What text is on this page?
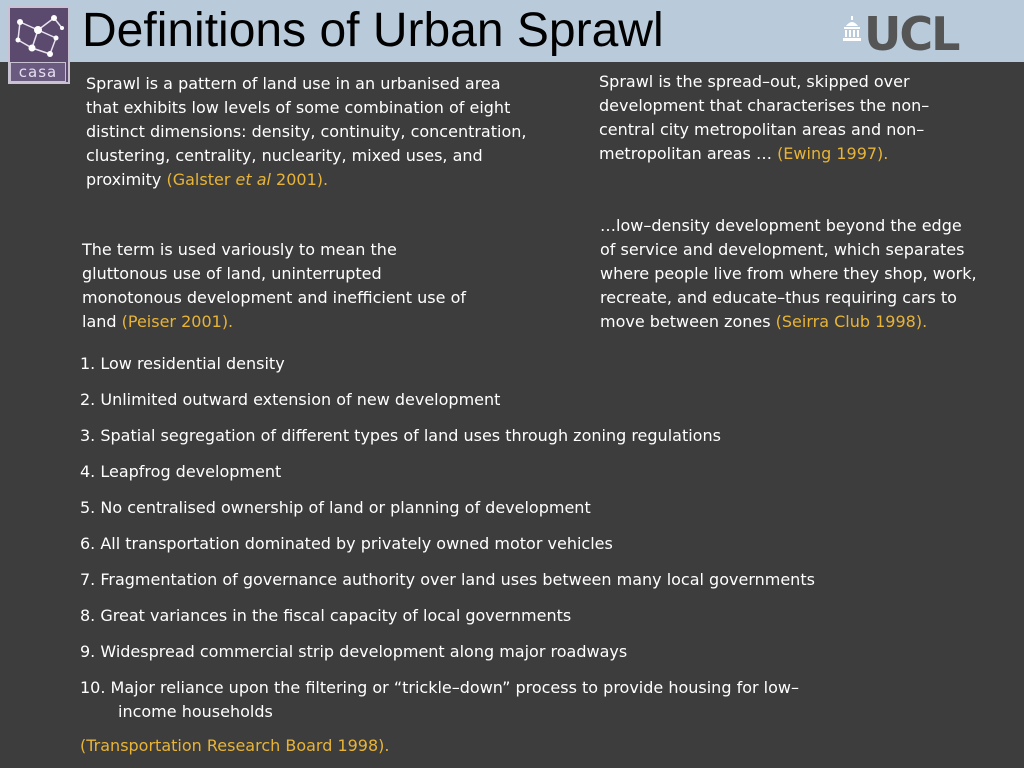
casa
Definitions of Urban Sprawl	UCL
Sprawl is a pattern of land use in an urbanised area that exhibits low levels of some combination of eight distinct dimensions: density, continuity, concentration, clustering, centrality, nuclearity, mixed uses, and proximity (Galster et al 2001).
The term is used variously to mean the gluttonous use of land, uninterrupted monotonous development and inefficient use of land (Peiser 2001).
Sprawl is the spread–out, skipped over development that characterises the non–central city metropolitan areas and non–metropolitan areas … (Ewing 1997).
…low–density development beyond the edge of service and development, which separates where people live from where they shop, work, recreate, and educate–thus requiring cars to move between zones (Seirra Club 1998).
1. Low residential density
2. Unlimited outward extension of new development
3. Spatial segregation of different types of land uses through zoning regulations
4. Leapfrog development
5. No centralised ownership of land or planning of development
6. All transportation dominated by privately owned motor vehicles
7. Fragmentation of governance authority over land uses between many local governments
8. Great variances in the fiscal capacity of local governments
9. Widespread commercial strip development along major roadways
10. Major reliance upon the filtering or “trickle–down” process to provide housing for low–
income households
(Transportation Research Board 1998).
